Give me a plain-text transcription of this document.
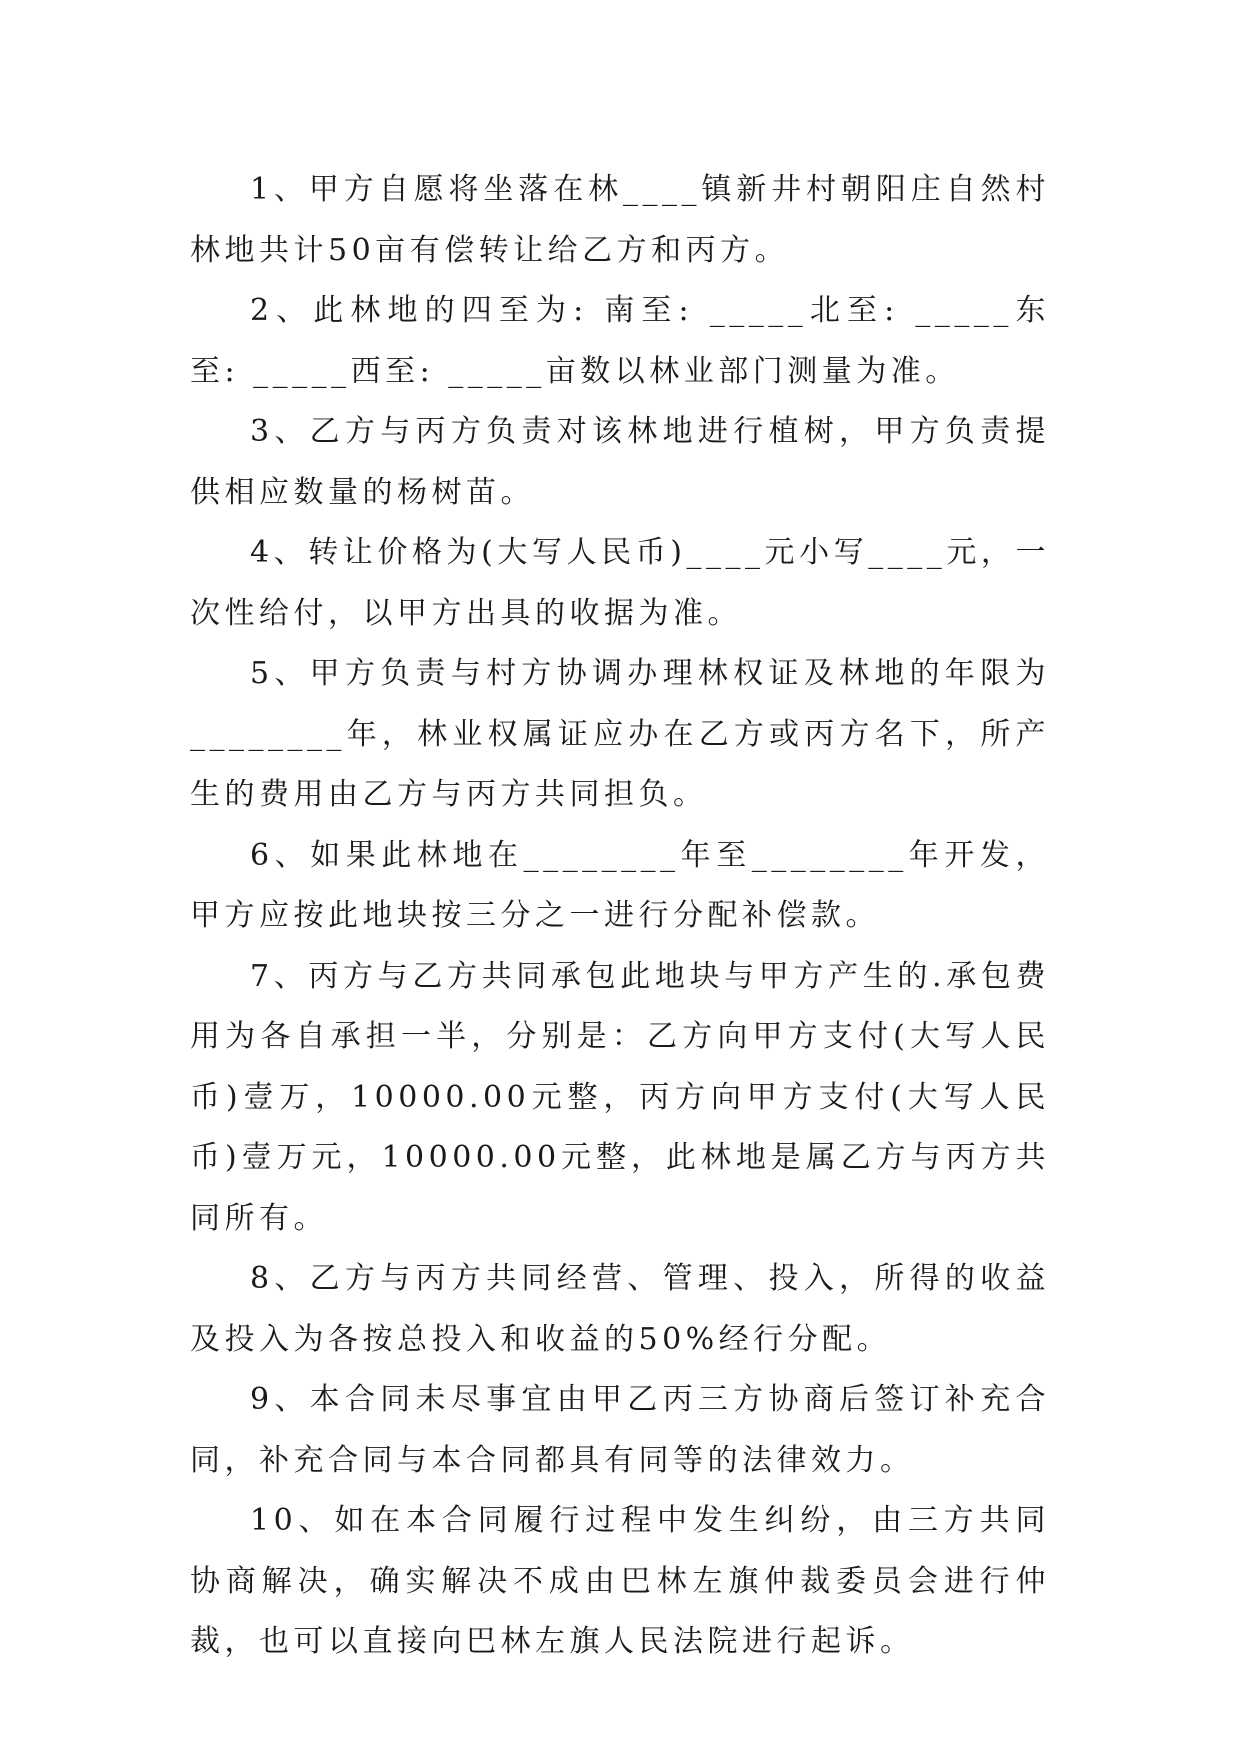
1、甲方自愿将坐落在林____镇新井村朝阳庄自然村林地共计50亩有偿转让给乙方和丙方。

2、此林地的四至为: 南至: _____北至: _____东至: _____西至: _____亩数以林业部门测量为准。

3、乙方与丙方负责对该林地进行植树，甲方负责提供相应数量的杨树苗。

4、转让价格为(大写人民币)____元小写____元，一次性给付，以甲方出具的收据为准。

5、甲方负责与村方协调办理林权证及林地的年限为________年，林业权属证应办在乙方或丙方名下，所产生的费用由乙方与丙方共同担负。

6、如果此林地在________年至________年开发，甲方应按此地块按三分之一进行分配补偿款。

7、丙方与乙方共同承包此地块与甲方产生的.承包费用为各自承担一半，分别是：乙方向甲方支付(大写人民币)壹万，10000.00元整，丙方向甲方支付(大写人民币)壹万元，10000.00元整，此林地是属乙方与丙方共同所有。

8、乙方与丙方共同经营、管理、投入，所得的收益及投入为各按总投入和收益的50%经行分配。

9、本合同未尽事宜由甲乙丙三方协商后签订补充合同，补充合同与本合同都具有同等的法律效力。

10、如在本合同履行过程中发生纠纷，由三方共同协商解决，确实解决不成由巴林左旗仲裁委员会进行仲裁，也可以直接向巴林左旗人民法院进行起诉。
